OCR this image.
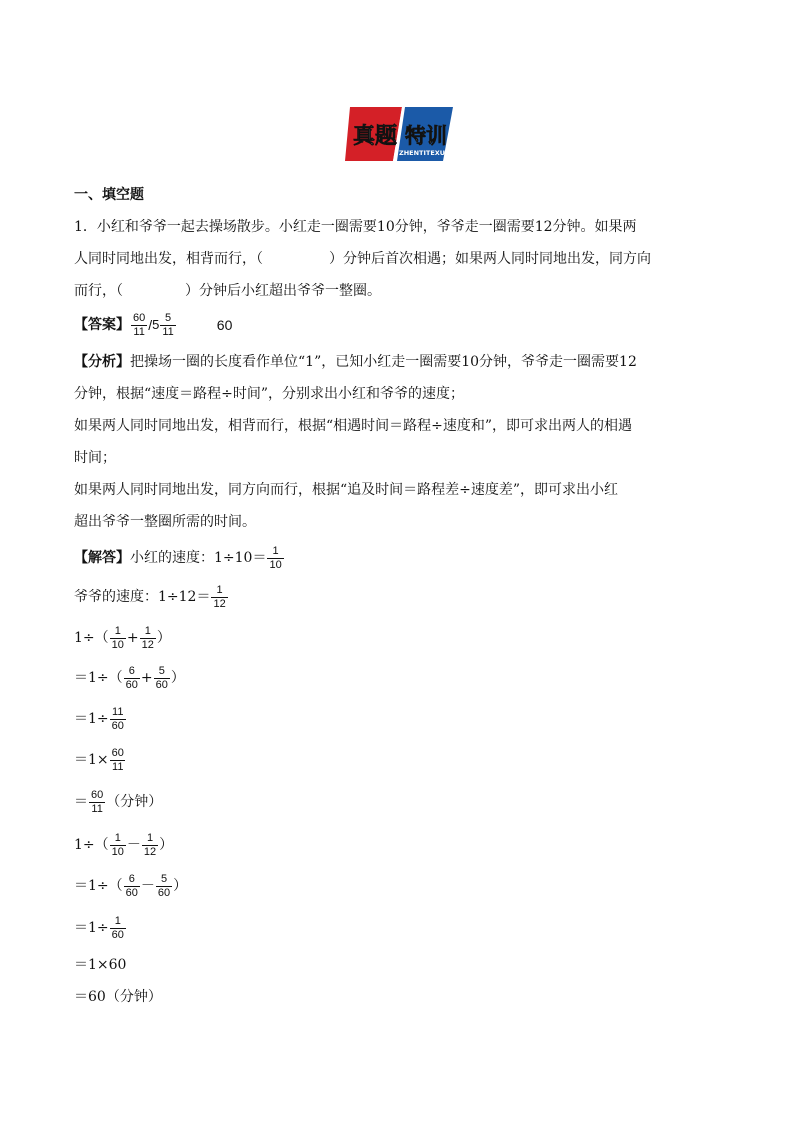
真题 特训
ZHENTITEXUN
一、填空题
1．小红和爷爷一起去操场散步。小红走一圈需要10分钟，爷爷走一圈需要12分钟。如果两
人同时同地出发，相背而行，（	）分钟后首次相遇；如果两人同时同地出发，同方向
而行，（	）分钟后小红超出爷爷一整圈。
【答案】 $\frac{60}{11} / 5 \frac{5}{11}$	60
【分析】把操场一圈的长度看作单位“1”，已知小红走一圈需要10分钟，爷爷走一圈需要12
分钟，根据“速度＝路程÷时间”，分别求出小红和爷爷的速度；
如果两人同时同地出发，相背而行，根据“相遇时间＝路程÷速度和”，即可求出两人的相遇
时间；
如果两人同时同地出发，同方向而行，根据“追及时间＝路程差÷速度差”，即可求出小红
超出爷爷一整圈所需的时间。
【解答】 小红的速度：$1\div 10= \frac{1}{10}$
爷爷的速度：$1\div 12= \frac{1}{12}$
$1\div( \frac{1}{10} + \frac{1}{12}$ ）
$=1\div( \frac{6}{60} + \frac{5}{60}$ ）
$=1\div \frac{11}{60}$
$=1\times \frac{60}{11}$
＝ $\frac{60}{11}$ （分钟）
$1\div( \frac{1}{10} - \frac{1}{12}$ ）
$=1\div( \frac{6}{60} - \frac{5}{60}$ ）
$=1\div \frac{1}{60}$
＝1×60
＝60（分钟）
